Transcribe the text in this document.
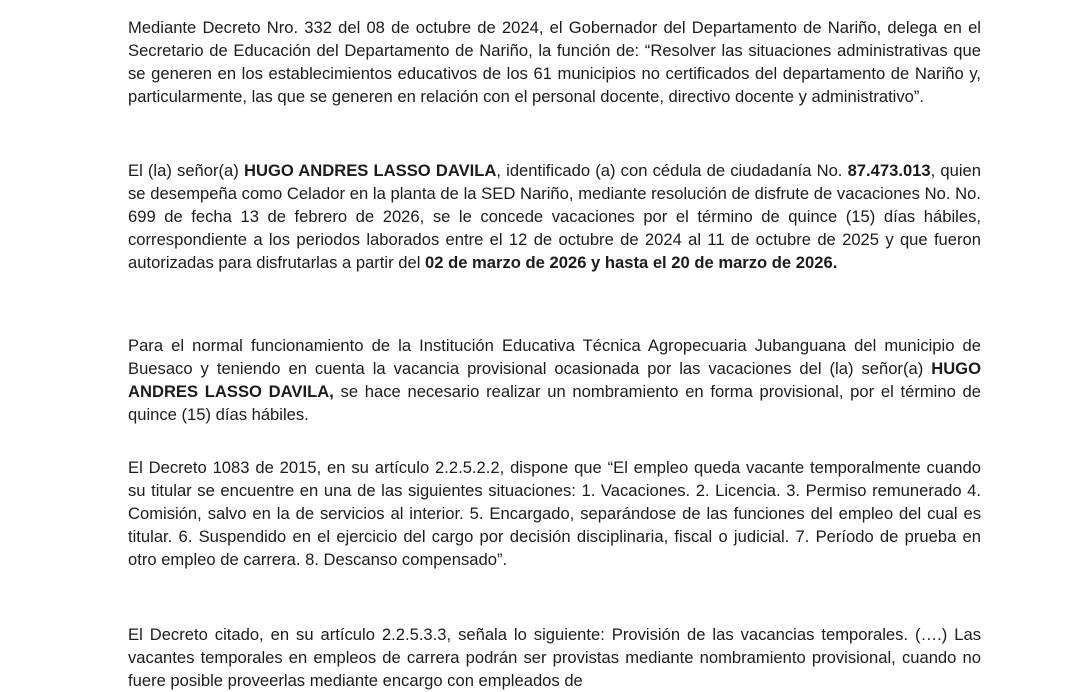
Mediante Decreto Nro. 332 del 08 de octubre de 2024, el Gobernador del Departamento de Nariño, delega en el Secretario de Educación del Departamento de Nariño, la función de: “Resolver las situaciones administrativas que se generen en los establecimientos educativos de los 61 municipios no certificados del departamento de Nariño y, particularmente, las que se generen en relación con el personal docente, directivo docente y administrativo”.

El (la) señor(a) HUGO ANDRES LASSO DAVILA, identificado (a) con cédula de ciudadanía No. 87.473.013, quien se desempeña como Celador en la planta de la SED Nariño, mediante resolución de disfrute de vacaciones No. No. 699 de fecha 13 de febrero de 2026, se le concede vacaciones por el término de quince (15) días hábiles, correspondiente a los periodos laborados entre el 12 de octubre de 2024 al 11 de octubre de 2025 y que fueron autorizadas para disfrutarlas a partir del 02 de marzo de 2026 y hasta el 20 de marzo de 2026.

Para el normal funcionamiento de la Institución Educativa Técnica Agropecuaria Jubanguana del municipio de Buesaco y teniendo en cuenta la vacancia provisional ocasionada por las vacaciones del (la) señor(a) HUGO ANDRES LASSO DAVILA, se hace necesario realizar un nombramiento en forma provisional, por el término de quince (15) días hábiles.

El Decreto 1083 de 2015, en su artículo 2.2.5.2.2, dispone que “El empleo queda vacante temporalmente cuando su titular se encuentre en una de las siguientes situaciones: 1. Vacaciones. 2. Licencia. 3. Permiso remunerado 4. Comisión, salvo en la de servicios al interior. 5. Encargado, separándose de las funciones del empleo del cual es titular. 6. Suspendido en el ejercicio del cargo por decisión disciplinaria, fiscal o judicial. 7. Período de prueba en otro empleo de carrera. 8. Descanso compensado”.

El Decreto citado, en su artículo 2.2.5.3.3, señala lo siguiente: Provisión de las vacancias temporales. (….) Las vacantes temporales en empleos de carrera podrán ser provistas mediante nombramiento provisional, cuando no fuere posible proveerlas mediante encargo con empleados de
